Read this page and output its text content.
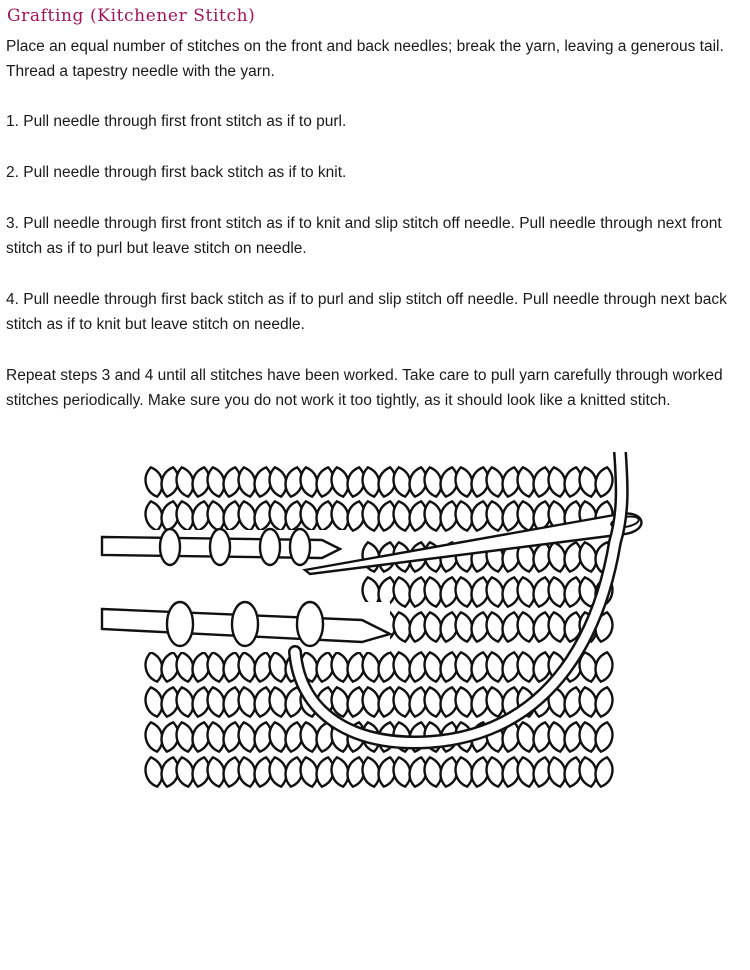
Grafting (Kitchener Stitch)

Place an equal number of stitches on the front and back needles; break the yarn, leaving a generous tail. Thread a tapestry needle with the yarn.

1. Pull needle through first front stitch as if to purl.

2. Pull needle through first back stitch as if to knit.

3. Pull needle through first front stitch as if to knit and slip stitch off needle. Pull needle through next front stitch as if to purl but leave stitch on needle.

4. Pull needle through first back stitch as if to purl and slip stitch off needle. Pull needle through next back stitch as if to knit but leave stitch on needle.

Repeat steps 3 and 4 until all stitches have been worked. Take care to pull yarn carefully through worked stitches periodically. Make sure you do not work it too tightly, as it should look like a knitted stitch.
